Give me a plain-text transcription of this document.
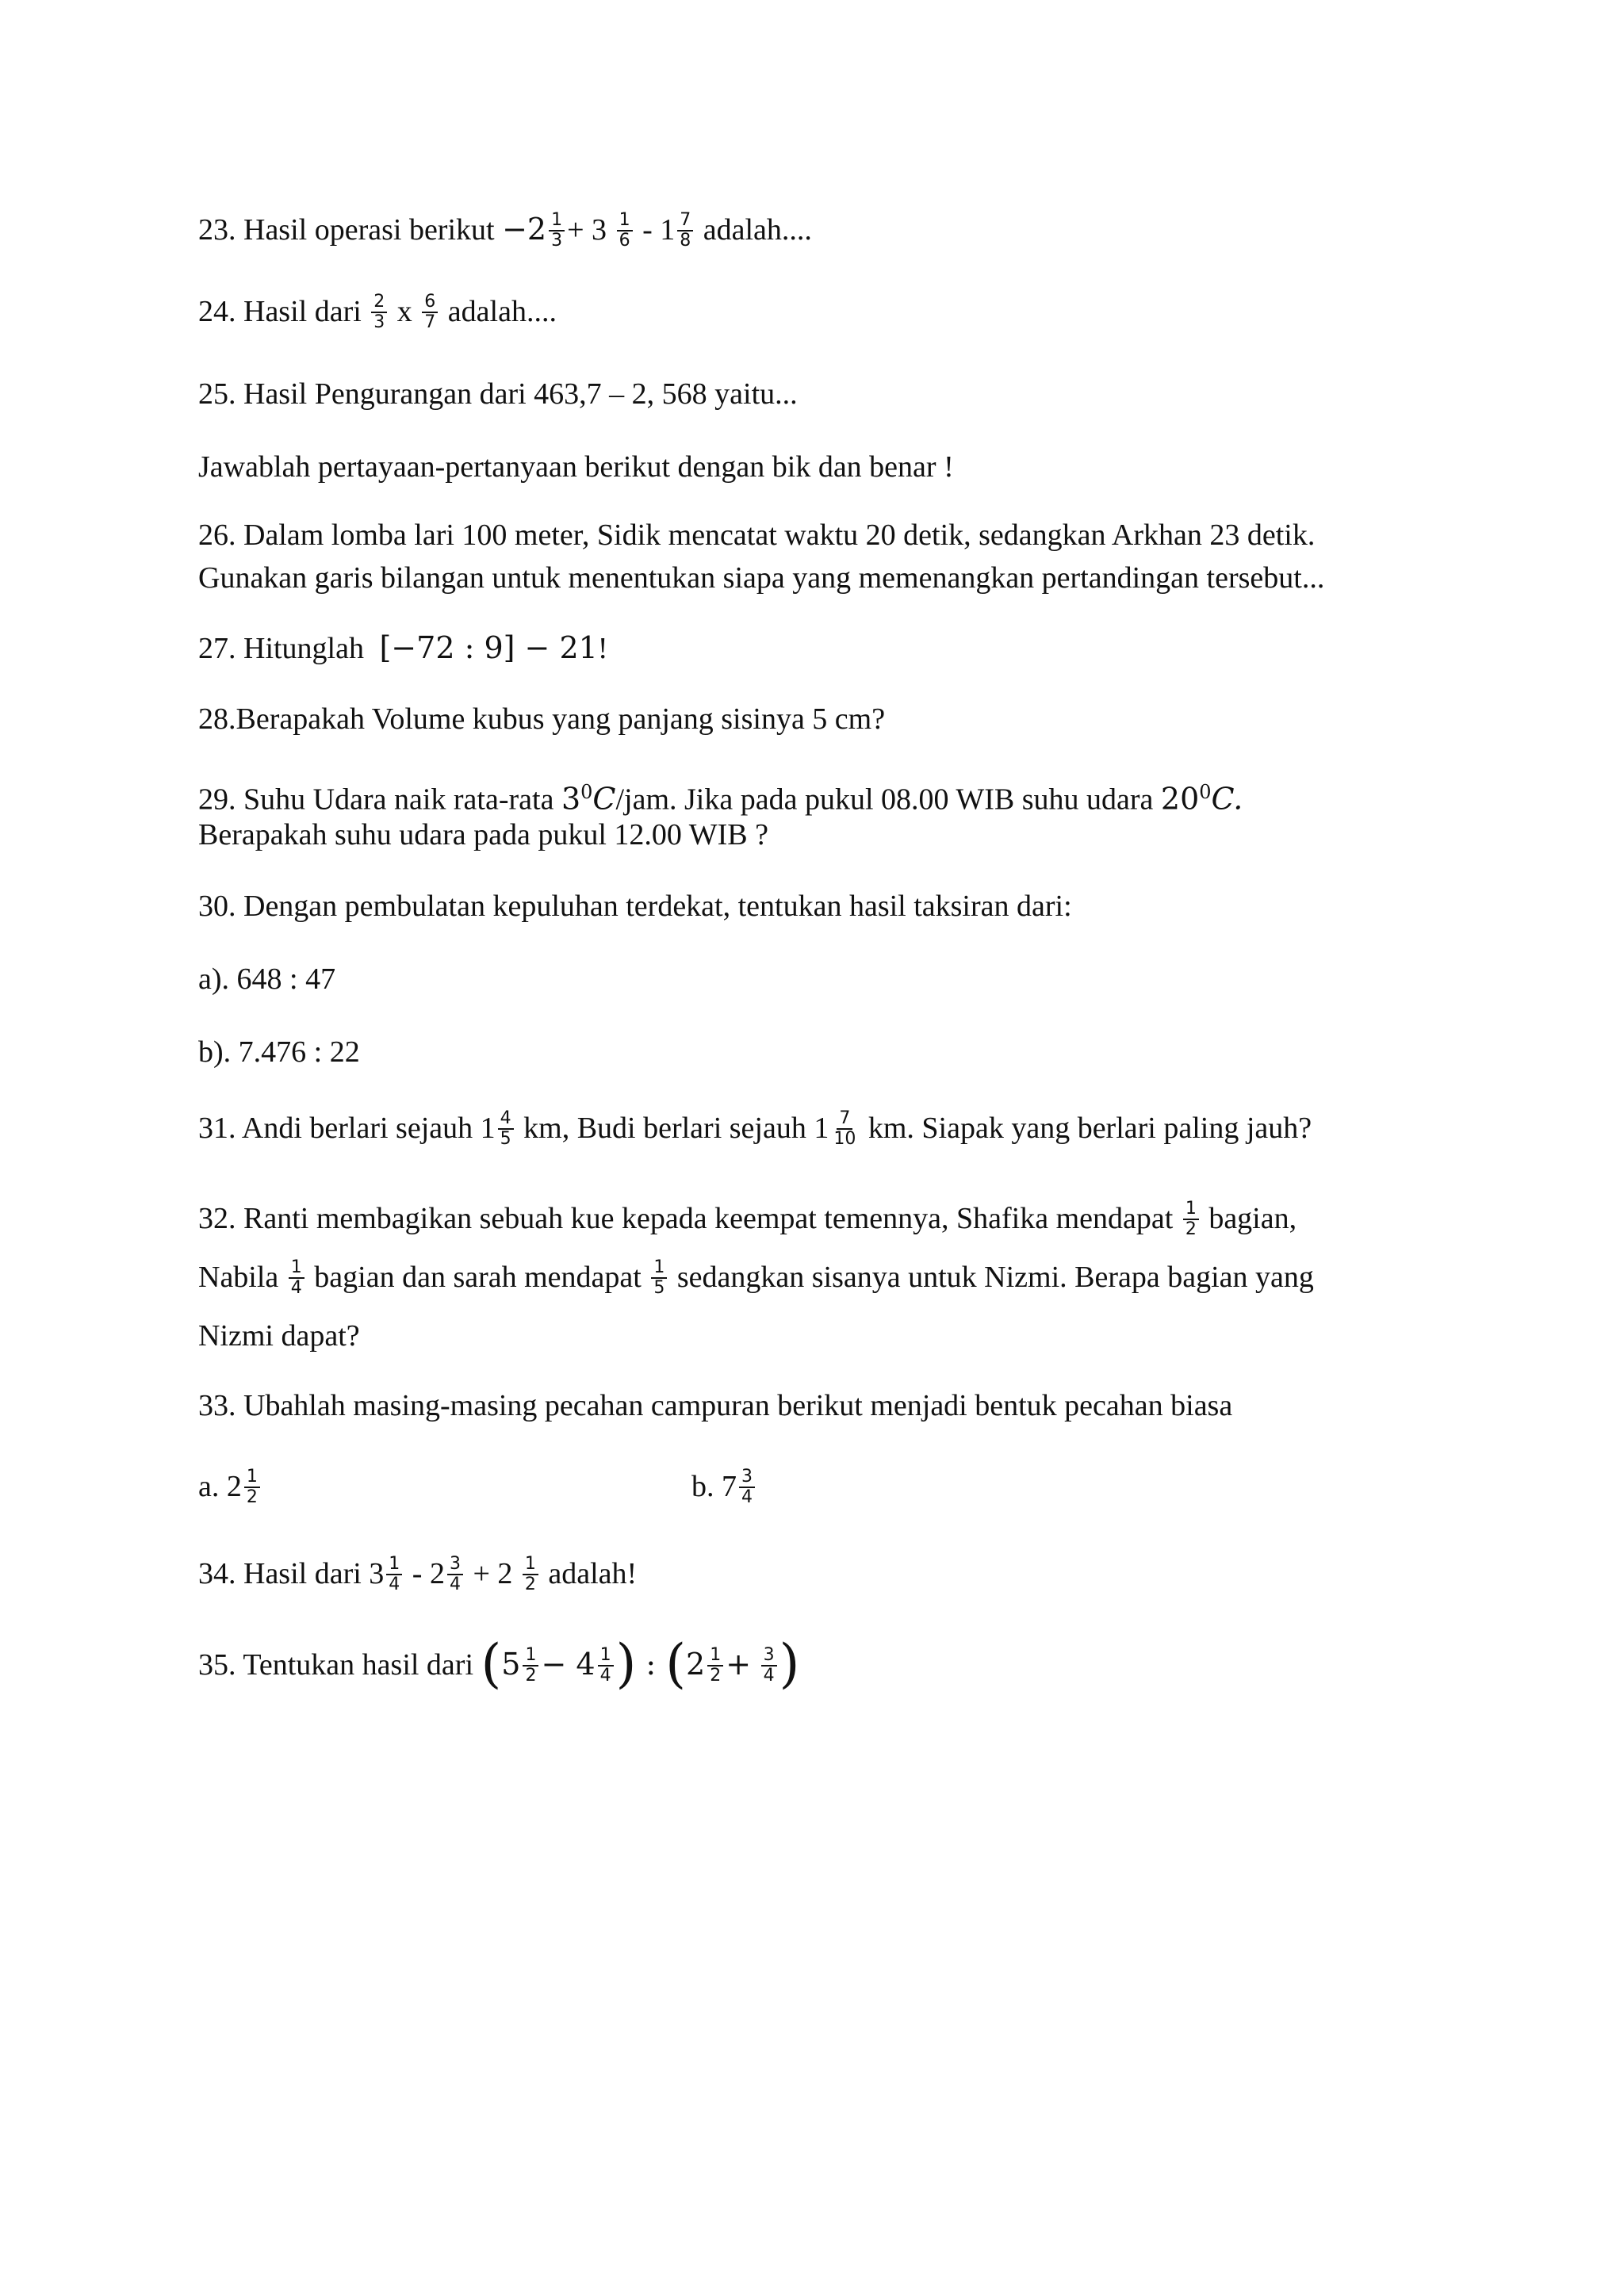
23. Hasil operasi berikut $-2 \frac{1}{3} + 3 \frac{1}{6} - 1 \frac{7}{8}$ adalah....
24. Hasil dari $\frac{2}{3}$ x $\frac{6}{7}$ adalah....
25. Hasil Pengurangan dari 463,7 – 2, 568 yaitu...
Jawablah pertayaan-pertanyaan berikut dengan bik dan benar !
26. Dalam lomba lari 100 meter, Sidik mencatat waktu 20 detik, sedangkan Arkhan 23 detik.
Gunakan garis bilangan untuk menentukan siapa yang memenangkan pertandingan tersebut...
27. Hitunglah [−72 : 9] − 21!
28.Berapakah Volume kubus yang panjang sisinya 5 cm?
29. Suhu Udara naik rata-rata $3^0C$/jam. Jika pada pukul 08.00 WIB suhu udara $20^0C$.
Berapakah suhu udara pada pukul 12.00 WIB ?
30. Dengan pembulatan kepuluhan terdekat, tentukan hasil taksiran dari:
a). 648 : 47
b). 7.476 : 22
31. Andi berlari sejauh $1 \frac{4}{5}$ km, Budi berlari sejauh $1 \frac{7}{10}$ km. Siapak yang berlari paling jauh?
32. Ranti membagikan sebuah kue kepada keempat temennya, Shafika mendapat $\frac{1}{2}$ bagian,
Nabila $\frac{1}{4}$ bagian dan sarah mendapat $\frac{1}{5}$ sedangkan sisanya untuk Nizmi. Berapa bagian yang
Nizmi dapat?
33. Ubahlah masing-masing pecahan campuran berikut menjadi bentuk pecahan biasa
a. $2 \frac{1}{2}$	b. $7 \frac{3}{4}$
34. Hasil dari $3 \frac{1}{4} - 2 \frac{3}{4} + 2 \frac{1}{2}$ adalah!
35. Tentukan hasil dari ($5 \frac{1}{2} - 4 \frac{1}{4}$ ) : ($2 \frac{1}{2} + \frac{3}{4}$ )
